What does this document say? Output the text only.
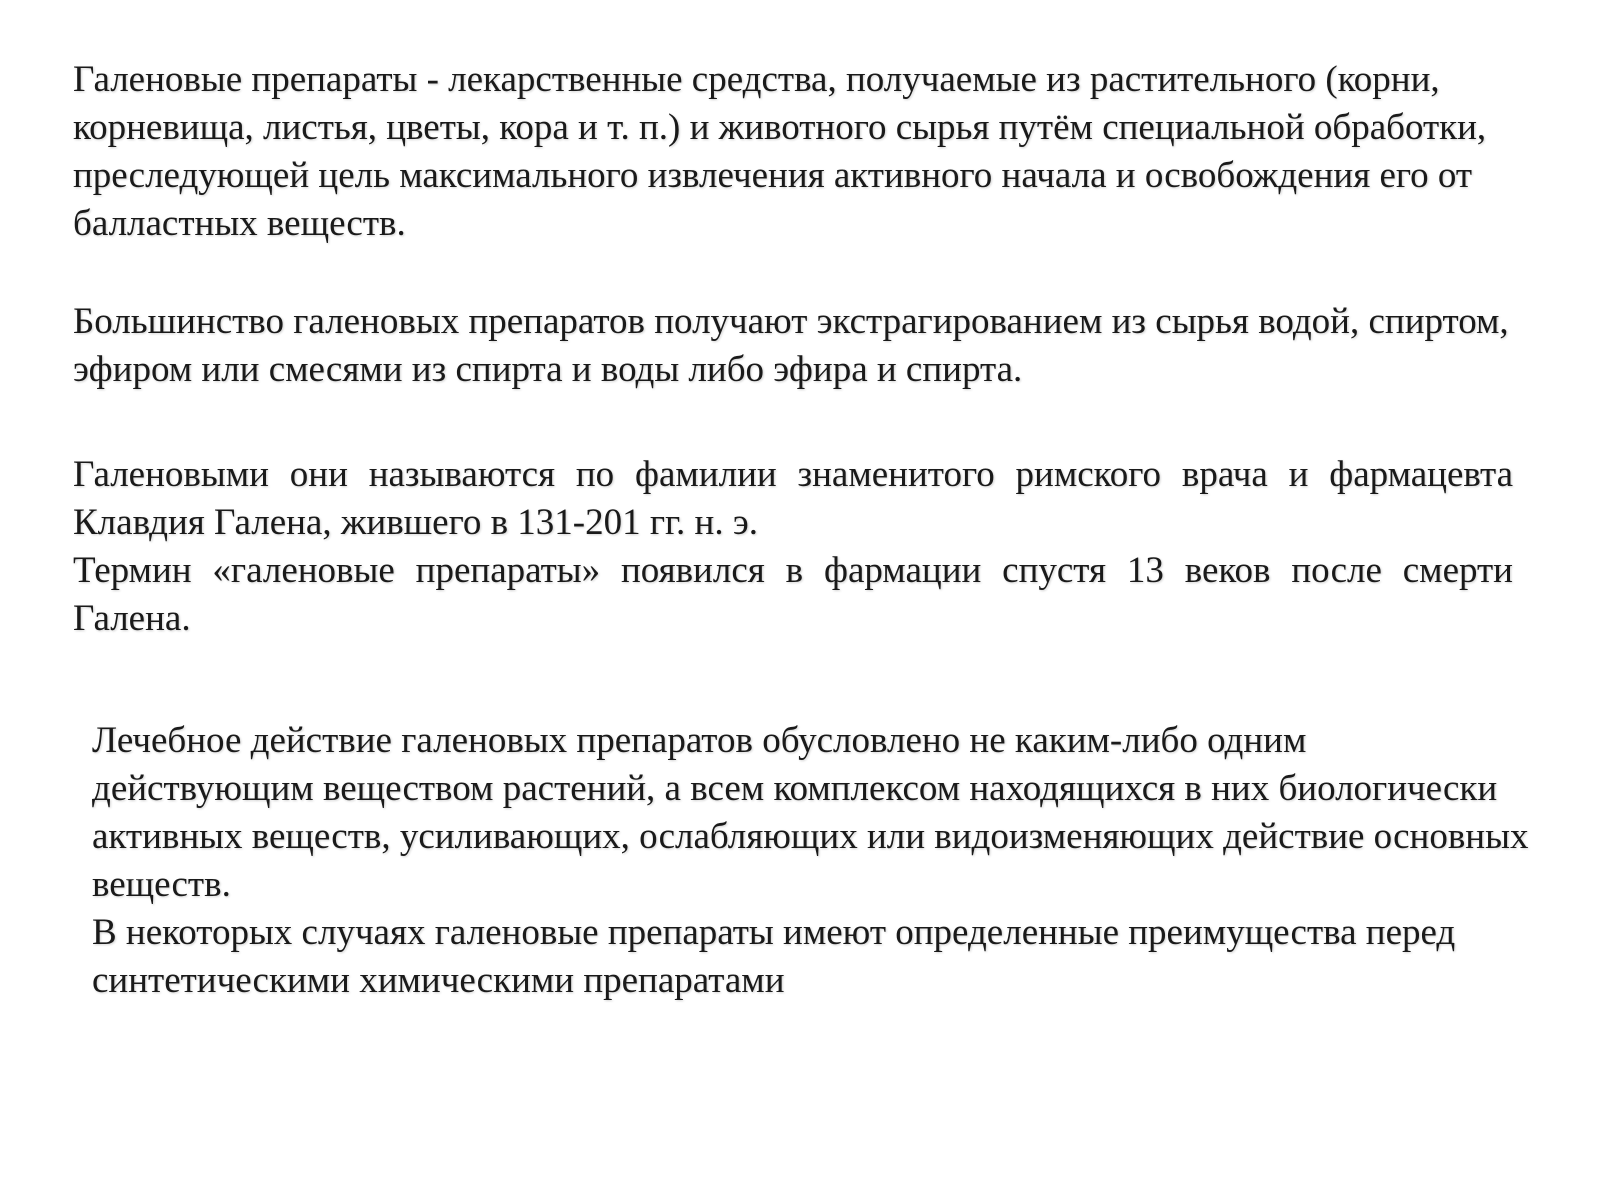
Галеновые препараты - лекарственные средства, получаемые из растительного (корни, корневища, листья, цветы, кора и т. п.) и животного сырья путём специальной обработки, преследующей цель максимального извлечения активного начала и освобождения его от балластных веществ.

Большинство галеновых препаратов получают экстрагированием из сырья водой, спиртом, эфиром или смесями из спирта и воды либо эфира и спирта.

Галеновыми они называются по фамилии знаменитого римского врача и фармацевта Клавдия Галена, жившего в 131-201 гг. н. э.

Термин «галеновые препараты» появился в фармации спустя 13 веков после смерти Галена.

Лечебное действие галеновых препаратов обусловлено не каким-либо одним действующим веществом растений, а всем комплексом находящихся в них биологически активных веществ, усиливающих, ослабляющих или видоизменяющих действие основных веществ.

В некоторых случаях галеновые препараты имеют определенные преимущества перед синтетическими химическими препаратами
